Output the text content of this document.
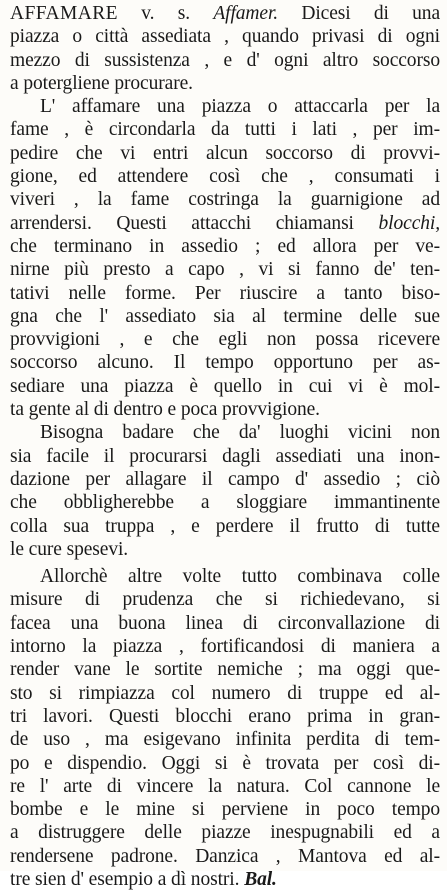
AFFAMARE v. s. Affamer. Dicesi di una
piazza o città assediata , quando privasi di ogni
mezzo di sussistenza , e d' ogni altro soccorso
a potergliene procurare.
L' affamare una piazza o attaccarla per la
fame , è circondarla da tutti i lati , per im-
pedire che vi entri alcun soccorso di provvi-
gione, ed attendere così che , consumati i
viveri , la fame costringa la guarnigione ad
arrendersi. Questi attacchi chiamansi blocchi,
che terminano in assedio ; ed allora per ve-
nirne più presto a capo , vi si fanno de' ten-
tativi nelle forme. Per riuscire a tanto biso-
gna che l' assediato sia al termine delle sue
provvigioni , e che egli non possa ricevere
soccorso alcuno. Il tempo opportuno per as-
sediare una piazza è quello in cui vi è mol-
ta gente al di dentro e poca provvigione.
Bisogna badare che da' luoghi vicini non
sia facile il procurarsi dagli assediati una inon-
dazione per allagare il campo d' assedio ; ciò
che obbligherebbe a sloggiare immantinente
colla sua truppa , e perdere il frutto di tutte
le cure spesevi.
Allorchè altre volte tutto combinava colle
misure di prudenza che si richiedevano, si
facea una buona linea di circonvallazione di
intorno la piazza , fortificandosi di maniera a
render vane le sortite nemiche ; ma oggi que-
sto si rimpiazza col numero di truppe ed al-
tri lavori. Questi blocchi erano prima in gran-
de uso , ma esigevano infinita perdita di tem-
po e dispendio. Oggi si è trovata per così di-
re l' arte di vincere la natura. Col cannone le
bombe e le mine si perviene in poco tempo
a distruggere delle piazze inespugnabili ed a
rendersene padrone. Danzica , Mantova ed al-
tre sien d' esempio a dì nostri. Bal.
